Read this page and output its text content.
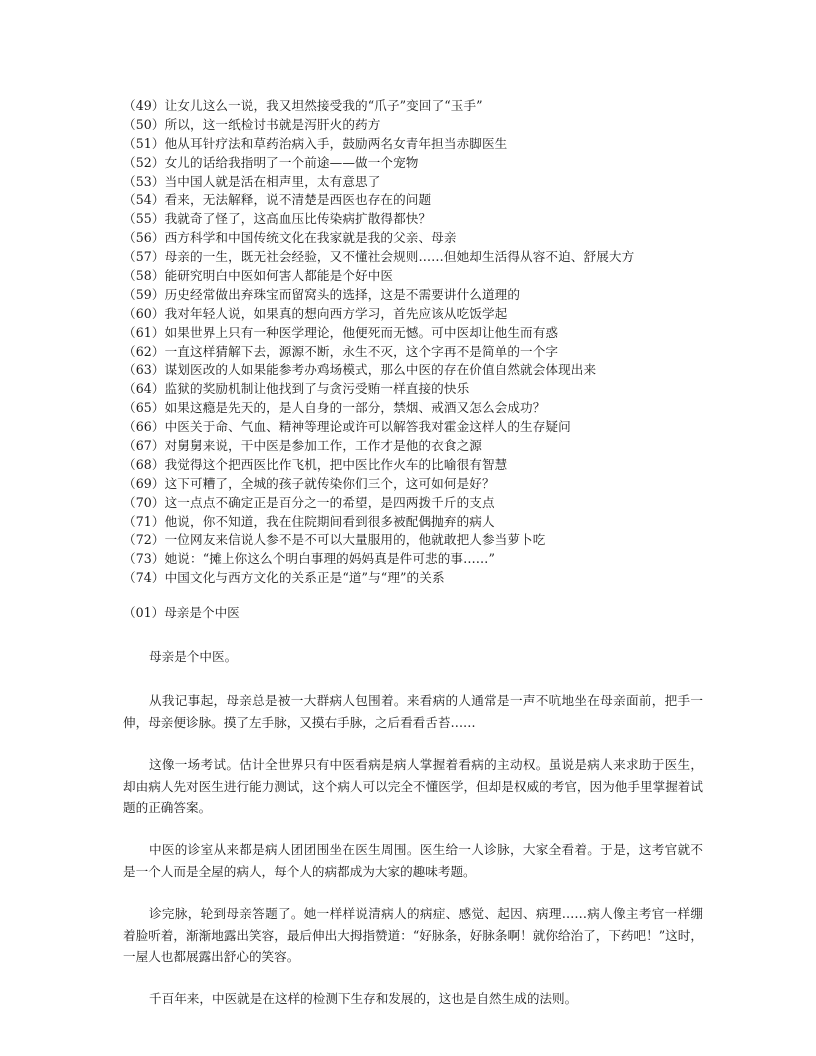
（49）让女儿这么一说，我又坦然接受我的“爪子”变回了“玉手”
（50）所以，这一纸检讨书就是泻肝火的药方
（51）他从耳针疗法和草药治病入手，鼓励两名女青年担当赤脚医生
（52）女儿的话给我指明了一个前途——做一个宠物
（53）当中国人就是活在相声里，太有意思了
（54）看来，无法解释，说不清楚是西医也存在的问题
（55）我就奇了怪了，这高血压比传染病扩散得都快？
（56）西方科学和中国传统文化在我家就是我的父亲、母亲
（57）母亲的一生，既无社会经验，又不懂社会规则……但她却生活得从容不迫、舒展大方
（58）能研究明白中医如何害人都能是个好中医
（59）历史经常做出弃珠宝而留窝头的选择，这是不需要讲什么道理的
（60）我对年轻人说，如果真的想向西方学习，首先应该从吃饭学起
（61）如果世界上只有一种医学理论，他便死而无憾。可中医却让他生而有惑
（62）一直这样猜解下去，源源不断，永生不灭，这个字再不是简单的一个字
（63）谋划医改的人如果能参考办鸡场模式，那么中医的存在价值自然就会体现出来
（64）监狱的奖励机制让他找到了与贪污受贿一样直接的快乐
（65）如果这瘾是先天的，是人自身的一部分，禁烟、戒酒又怎么会成功？
（66）中医关于命、气血、精神等理论或许可以解答我对霍金这样人的生存疑问
（67）对舅舅来说，干中医是参加工作，工作才是他的衣食之源
（68）我觉得这个把西医比作飞机，把中医比作火车的比喻很有智慧
（69）这下可糟了，全城的孩子就传染你们三个，这可如何是好？
（70）这一点点不确定正是百分之一的希望，是四两拨千斤的支点
（71）他说，你不知道，我在住院期间看到很多被配偶抛弃的病人
（72）一位网友来信说人参不是不可以大量服用的，他就敢把人参当萝卜吃
（73）她说：“摊上你这么个明白事理的妈妈真是件可悲的事……”
（74）中国文化与西方文化的关系正是“道”与“理”的关系
（01）母亲是个中医

母亲是个中医。

从我记事起，母亲总是被一大群病人包围着。来看病的人通常是一声不吭地坐在母亲面前，把手一伸，母亲便诊脉。摸了左手脉，又摸右手脉，之后看看舌苔……

这像一场考试。估计全世界只有中医看病是病人掌握着看病的主动权。虽说是病人来求助于医生，却由病人先对医生进行能力测试，这个病人可以完全不懂医学，但却是权威的考官，因为他手里掌握着试题的正确答案。

中医的诊室从来都是病人团团围坐在医生周围。医生给一人诊脉，大家全看着。于是，这考官就不是一个人而是全屋的病人，每个人的病都成为大家的趣味考题。

诊完脉，轮到母亲答题了。她一样样说清病人的病症、感觉、起因、病理……病人像主考官一样绷着脸听着，渐渐地露出笑容，最后伸出大拇指赞道：“好脉条，好脉条啊！就你给治了，下药吧！”这时，一屋人也都展露出舒心的笑容。

千百年来，中医就是在这样的检测下生存和发展的，这也是自然生成的法则。
